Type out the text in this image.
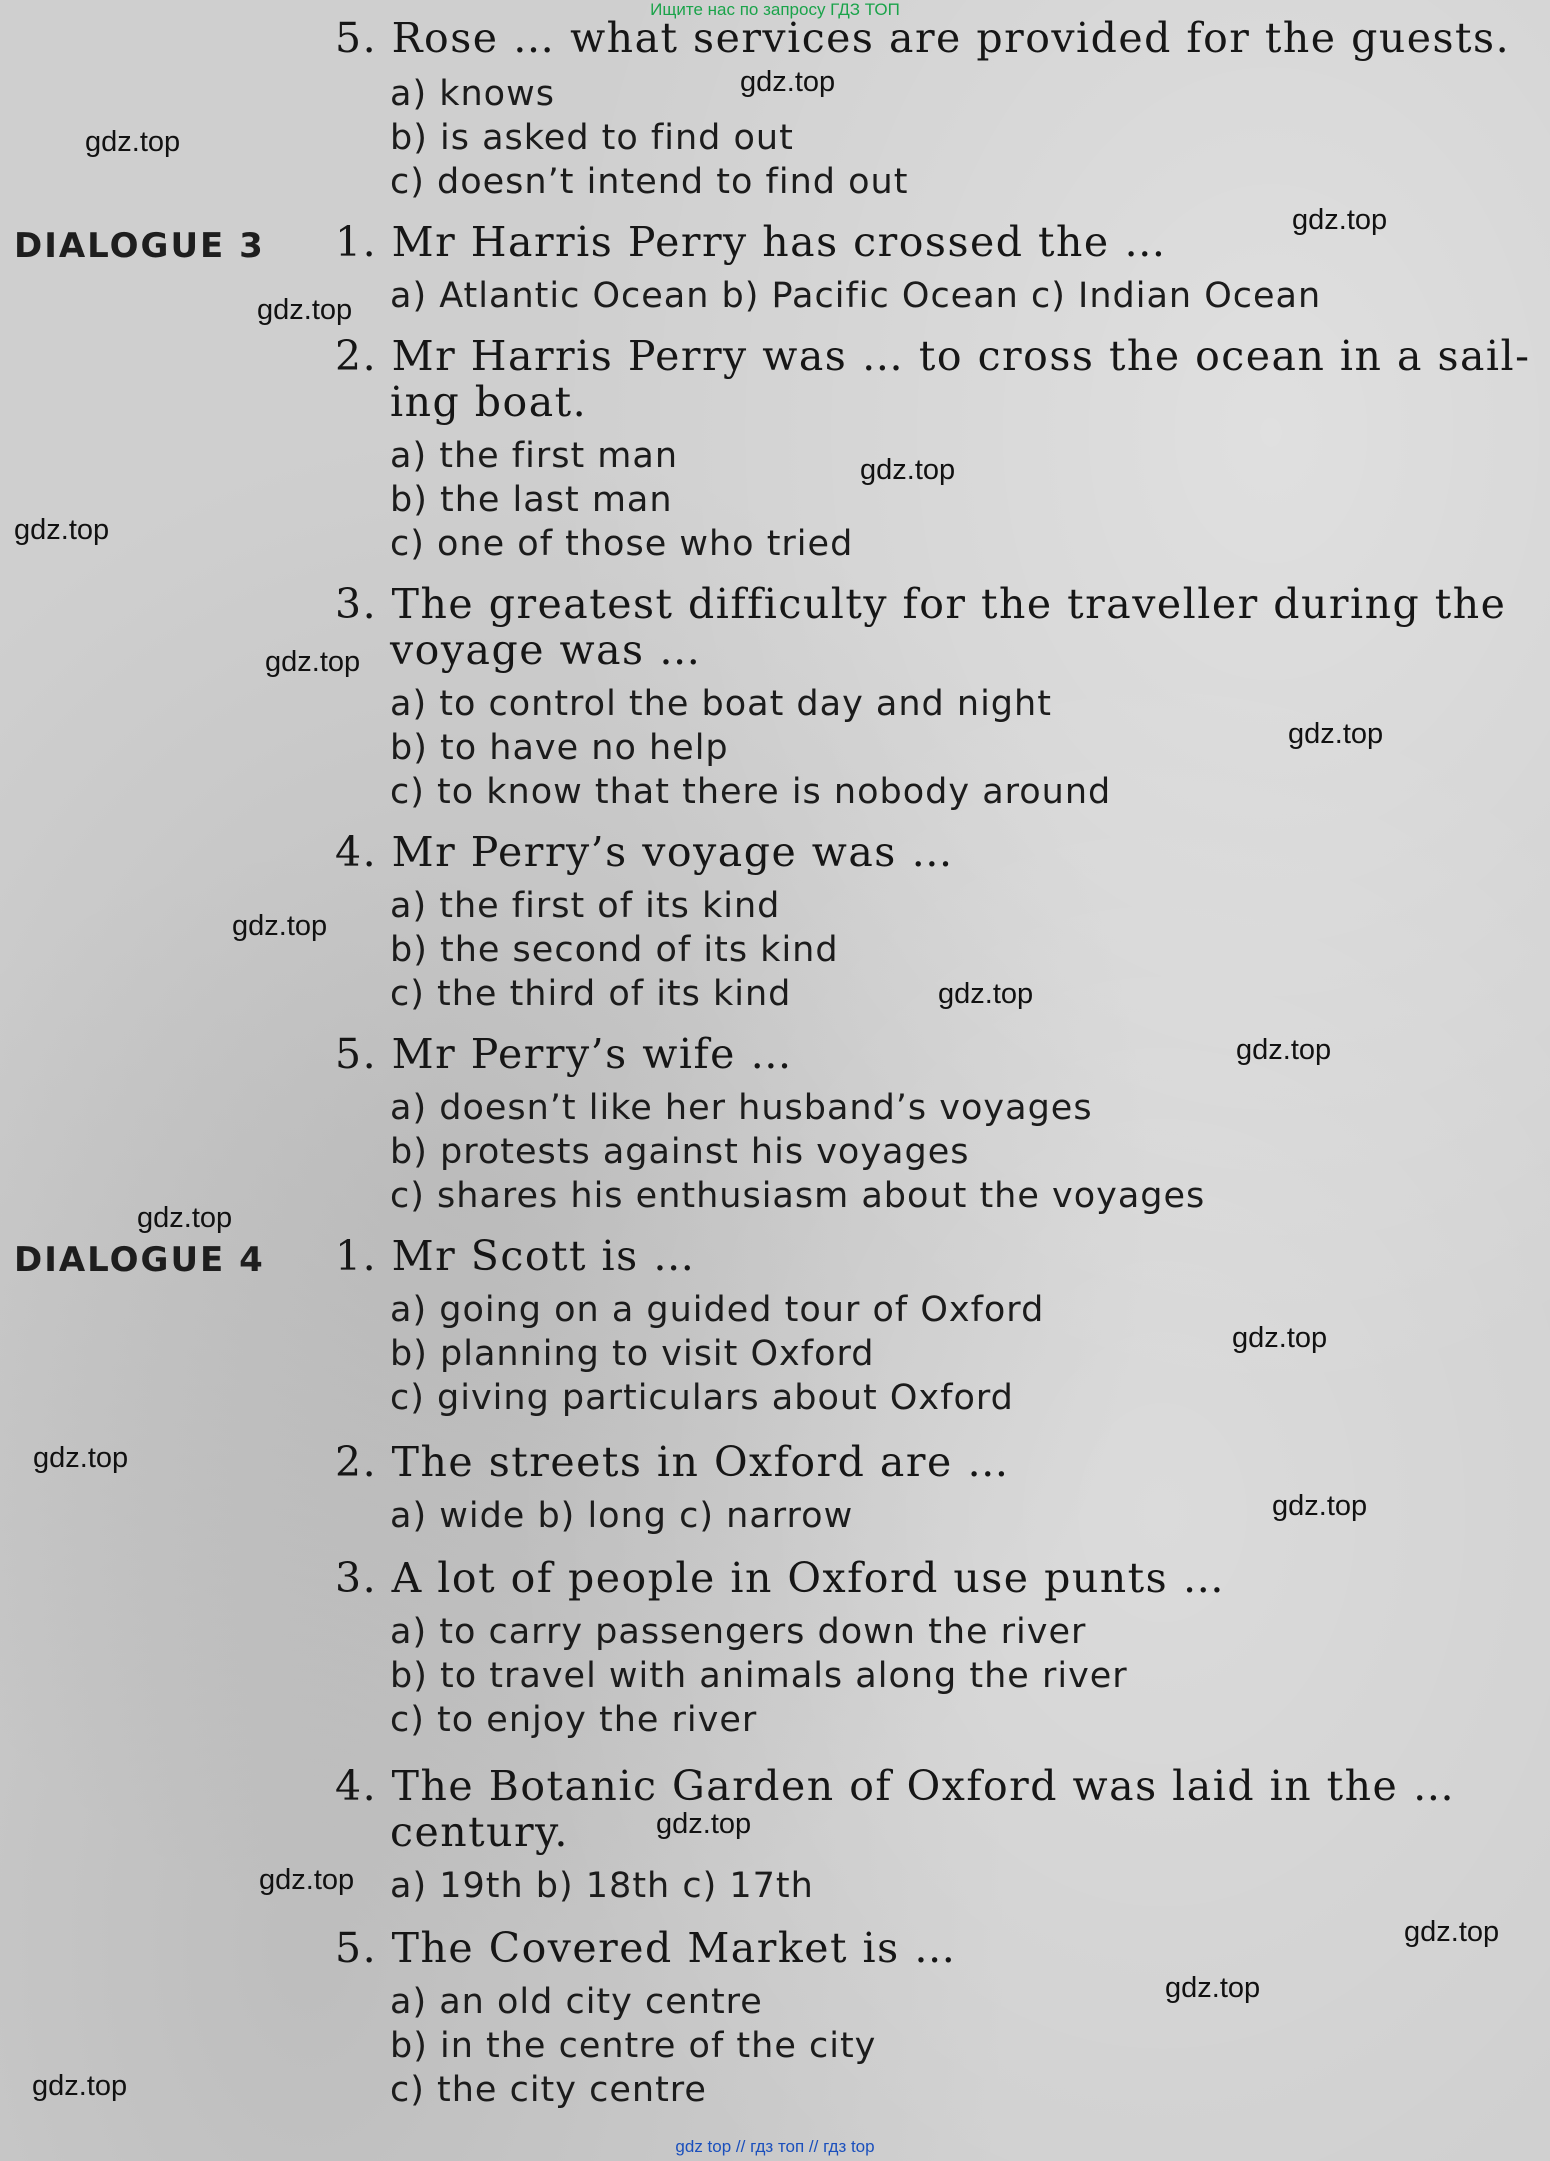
Ищите нас по запросу ГДЗ ТОП
5. Rose … what services are provided for the guests.
a) knows
b) is asked to find out
c) doesn’t intend to find out
DIALOGUE 3 1. Mr Harris Perry has crossed the …
a) Atlantic Ocean b) Pacific Ocean c) Indian Ocean
2. Mr Harris Perry was … to cross the ocean in a sail-
ing boat.
a) the first man
b) the last man
c) one of those who tried
3. The greatest difficulty for the traveller during the
voyage was …
a) to control the boat day and night
b) to have no help
c) to know that there is nobody around
4. Mr Perry’s voyage was …
a) the first of its kind
b) the second of its kind
c) the third of its kind
5. Mr Perry’s wife …
a) doesn’t like her husband’s voyages
b) protests against his voyages
c) shares his enthusiasm about the voyages
DIALOGUE 4 1. Mr Scott is …
a) going on a guided tour of Oxford
b) planning to visit Oxford
c) giving particulars about Oxford
2. The streets in Oxford are …
a) wide b) long c) narrow
3. A lot of people in Oxford use punts …
a) to carry passengers down the river
b) to travel with animals along the river
c) to enjoy the river
4. The Botanic Garden of Oxford was laid in the …
century.
a) 19th b) 18th c) 17th
5. The Covered Market is …
a) an old city centre
b) in the centre of the city
c) the city centre
gdz.top
gdz.top
gdz.top
gdz.top
gdz.top
gdz.top
gdz.top
gdz.top
gdz.top
gdz.top
gdz.top
gdz.top
gdz.top
gdz.top
gdz.top
gdz.top
gdz.top
gdz.top
gdz.top
gdz.top
gdz top // гдз топ // гдз top
